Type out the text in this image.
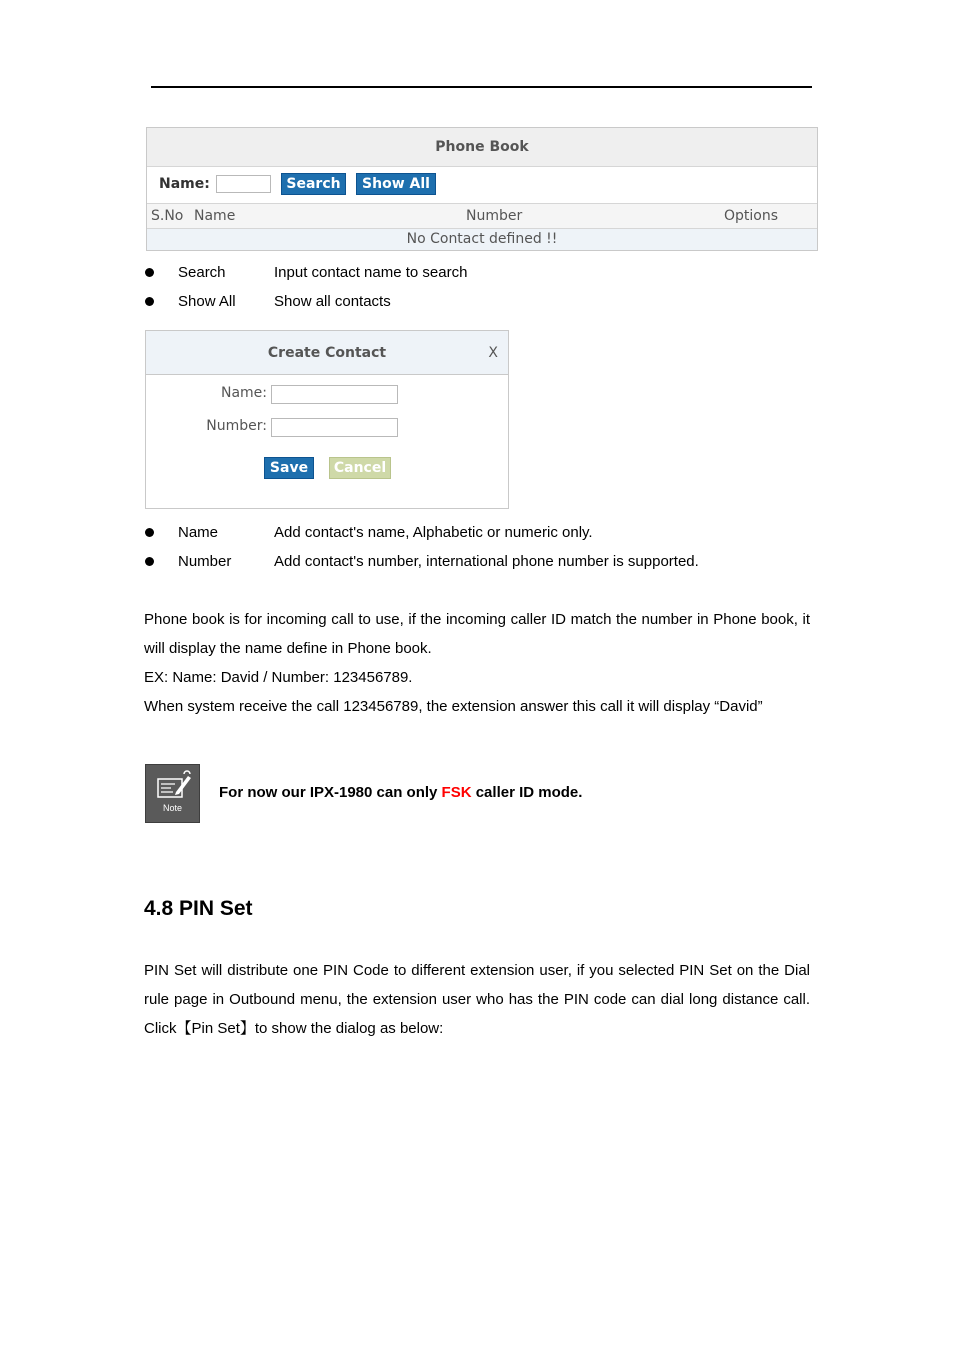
Phone Book
Name:	Search	Show All
S.No Name	Number	Options
No Contact defined !!
Search	Input contact name to search
Show All	Show all contacts
Create Contact	X
Name:
Number:
Save	Cancel
Name	Add contact's name, Alphabetic or numeric only.
Number	Add contact's number, international phone number is supported.
Phone book is for incoming call to use, if the incoming caller ID match the number in Phone book, it will display the name define in Phone book.
EX: Name: David / Number: 123456789.
When system receive the call 123456789, the extension answer this call it will display “David”
Note
For now our IPX-1980 can only FSK caller ID mode.
4.8 PIN Set
PIN Set will distribute one PIN Code to different extension user, if you selected PIN Set on the Dial rule page in Outbound menu, the extension user who has the PIN code can dial long distance call. Click【Pin Set】to show the dialog as below:
